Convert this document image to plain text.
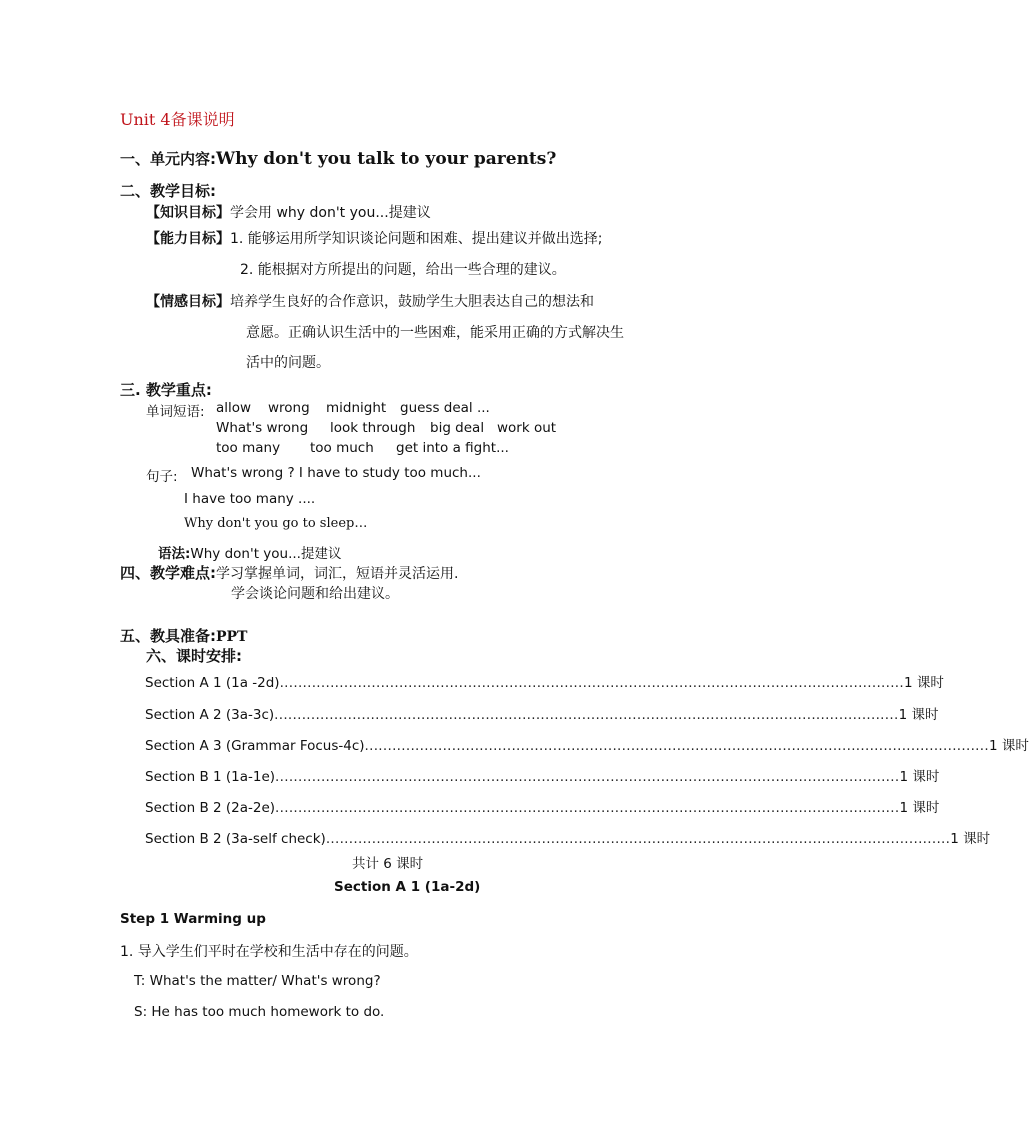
Unit 4备课说明
一、单元内容:Why don't you talk to your parents?
二、教学目标:
【知识目标】学会用 why don't you...提建议
【能力目标】1. 能够运用所学知识谈论问题和困难、提出建议并做出选择;
2. 能根据对方所提出的问题，给出一些合理的建议。
【情感目标】培养学生良好的合作意识，鼓励学生大胆表达自己的想法和
意愿。正确认识生活中的一些困难，能采用正确的方式解决生
活中的问题。
三. 教学重点:
单词短语: allow wrong midnight guess deal ...
What's wrong look through big deal work out
too many too much get into a fight...
句子: What's wrong ? I have to study too much...
I have too many ....
Why don't you go to sleep…
语法:Why don't you...提建议
四、教学难点:学习掌握单词，词汇，短语并灵活运用.
学会谈论问题和给出建议。
五、教具准备:PPT
六、课时安排:
Section A 1 (1a -2d) ........................................................................................................................................ 1 课时
Section A 2 (3a-3c) ........................................................................................................................................ 1 课时
Section A 3 (Grammar Focus-4c) ........................................................................................................................................ 1 课时
Section B 1 (1a-1e) ........................................................................................................................................ 1 课时
Section B 2 (2a-2e) ........................................................................................................................................ 1 课时
Section B 2 (3a-self check) ........................................................................................................................................ 1 课时
共计 6 课时
Section A 1 (1a-2d)
Step 1 Warming up
1. 导入学生们平时在学校和生活中存在的问题。
T: What's the matter/ What's wrong?
S: He has too much homework to do.
